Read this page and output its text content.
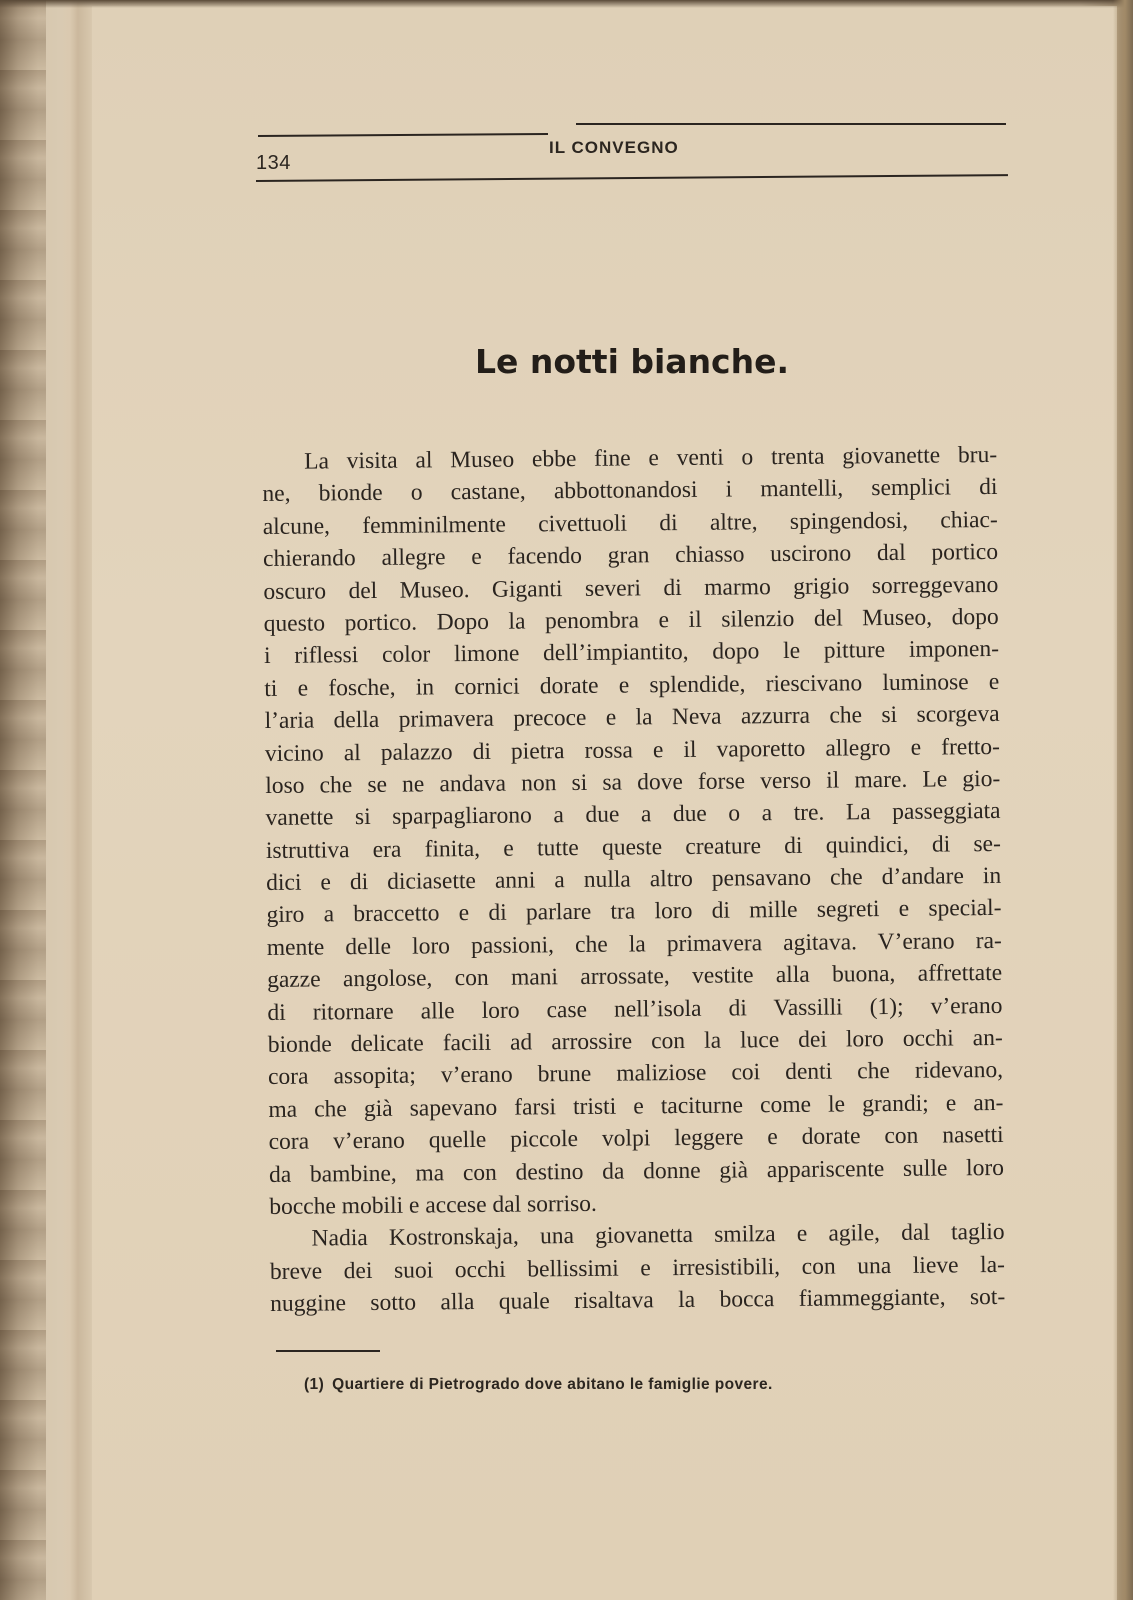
134
IL CONVEGNO
Le notti bianche.
La visita al Museo ebbe fine e venti o trenta giovanette bru-
ne, bionde o castane, abbottonandosi i mantelli, semplici di
alcune, femminilmente civettuoli di altre, spingendosi, chiac-
chierando allegre e facendo gran chiasso uscirono dal portico
oscuro del Museo. Giganti severi di marmo grigio sorreggevano
questo portico. Dopo la penombra e il silenzio del Museo, dopo
i riflessi color limone dell’impiantito, dopo le pitture imponen-
ti e fosche, in cornici dorate e splendide, riescivano luminose e
l’aria della primavera precoce e la Neva azzurra che si scorgeva
vicino al palazzo di pietra rossa e il vaporetto allegro e fretto-
loso che se ne andava non si sa dove forse verso il mare. Le gio-
vanette si sparpagliarono a due a due o a tre. La passeggiata
istruttiva era finita, e tutte queste creature di quindici, di se-
dici e di diciasette anni a nulla altro pensavano che d’andare in
giro a braccetto e di parlare tra loro di mille segreti e special-
mente delle loro passioni, che la primavera agitava. V’erano ra-
gazze angolose, con mani arrossate, vestite alla buona, affrettate
di ritornare alle loro case nell’isola di Vassilli (1); v’erano
bionde delicate facili ad arrossire con la luce dei loro occhi an-
cora assopita; v’erano brune maliziose coi denti che ridevano,
ma che già sapevano farsi tristi e taciturne come le grandi; e an-
cora v’erano quelle piccole volpi leggere e dorate con nasetti
da bambine, ma con destino da donne già appariscente sulle loro
bocche mobili e accese dal sorriso.
Nadia Kostronskaja, una giovanetta smilza e agile, dal taglio
breve dei suoi occhi bellissimi e irresistibili, con una lieve la-
nuggine sotto alla quale risaltava la bocca fiammeggiante, sot-
(1) Quartiere di Pietrogrado dove abitano le famiglie povere.
